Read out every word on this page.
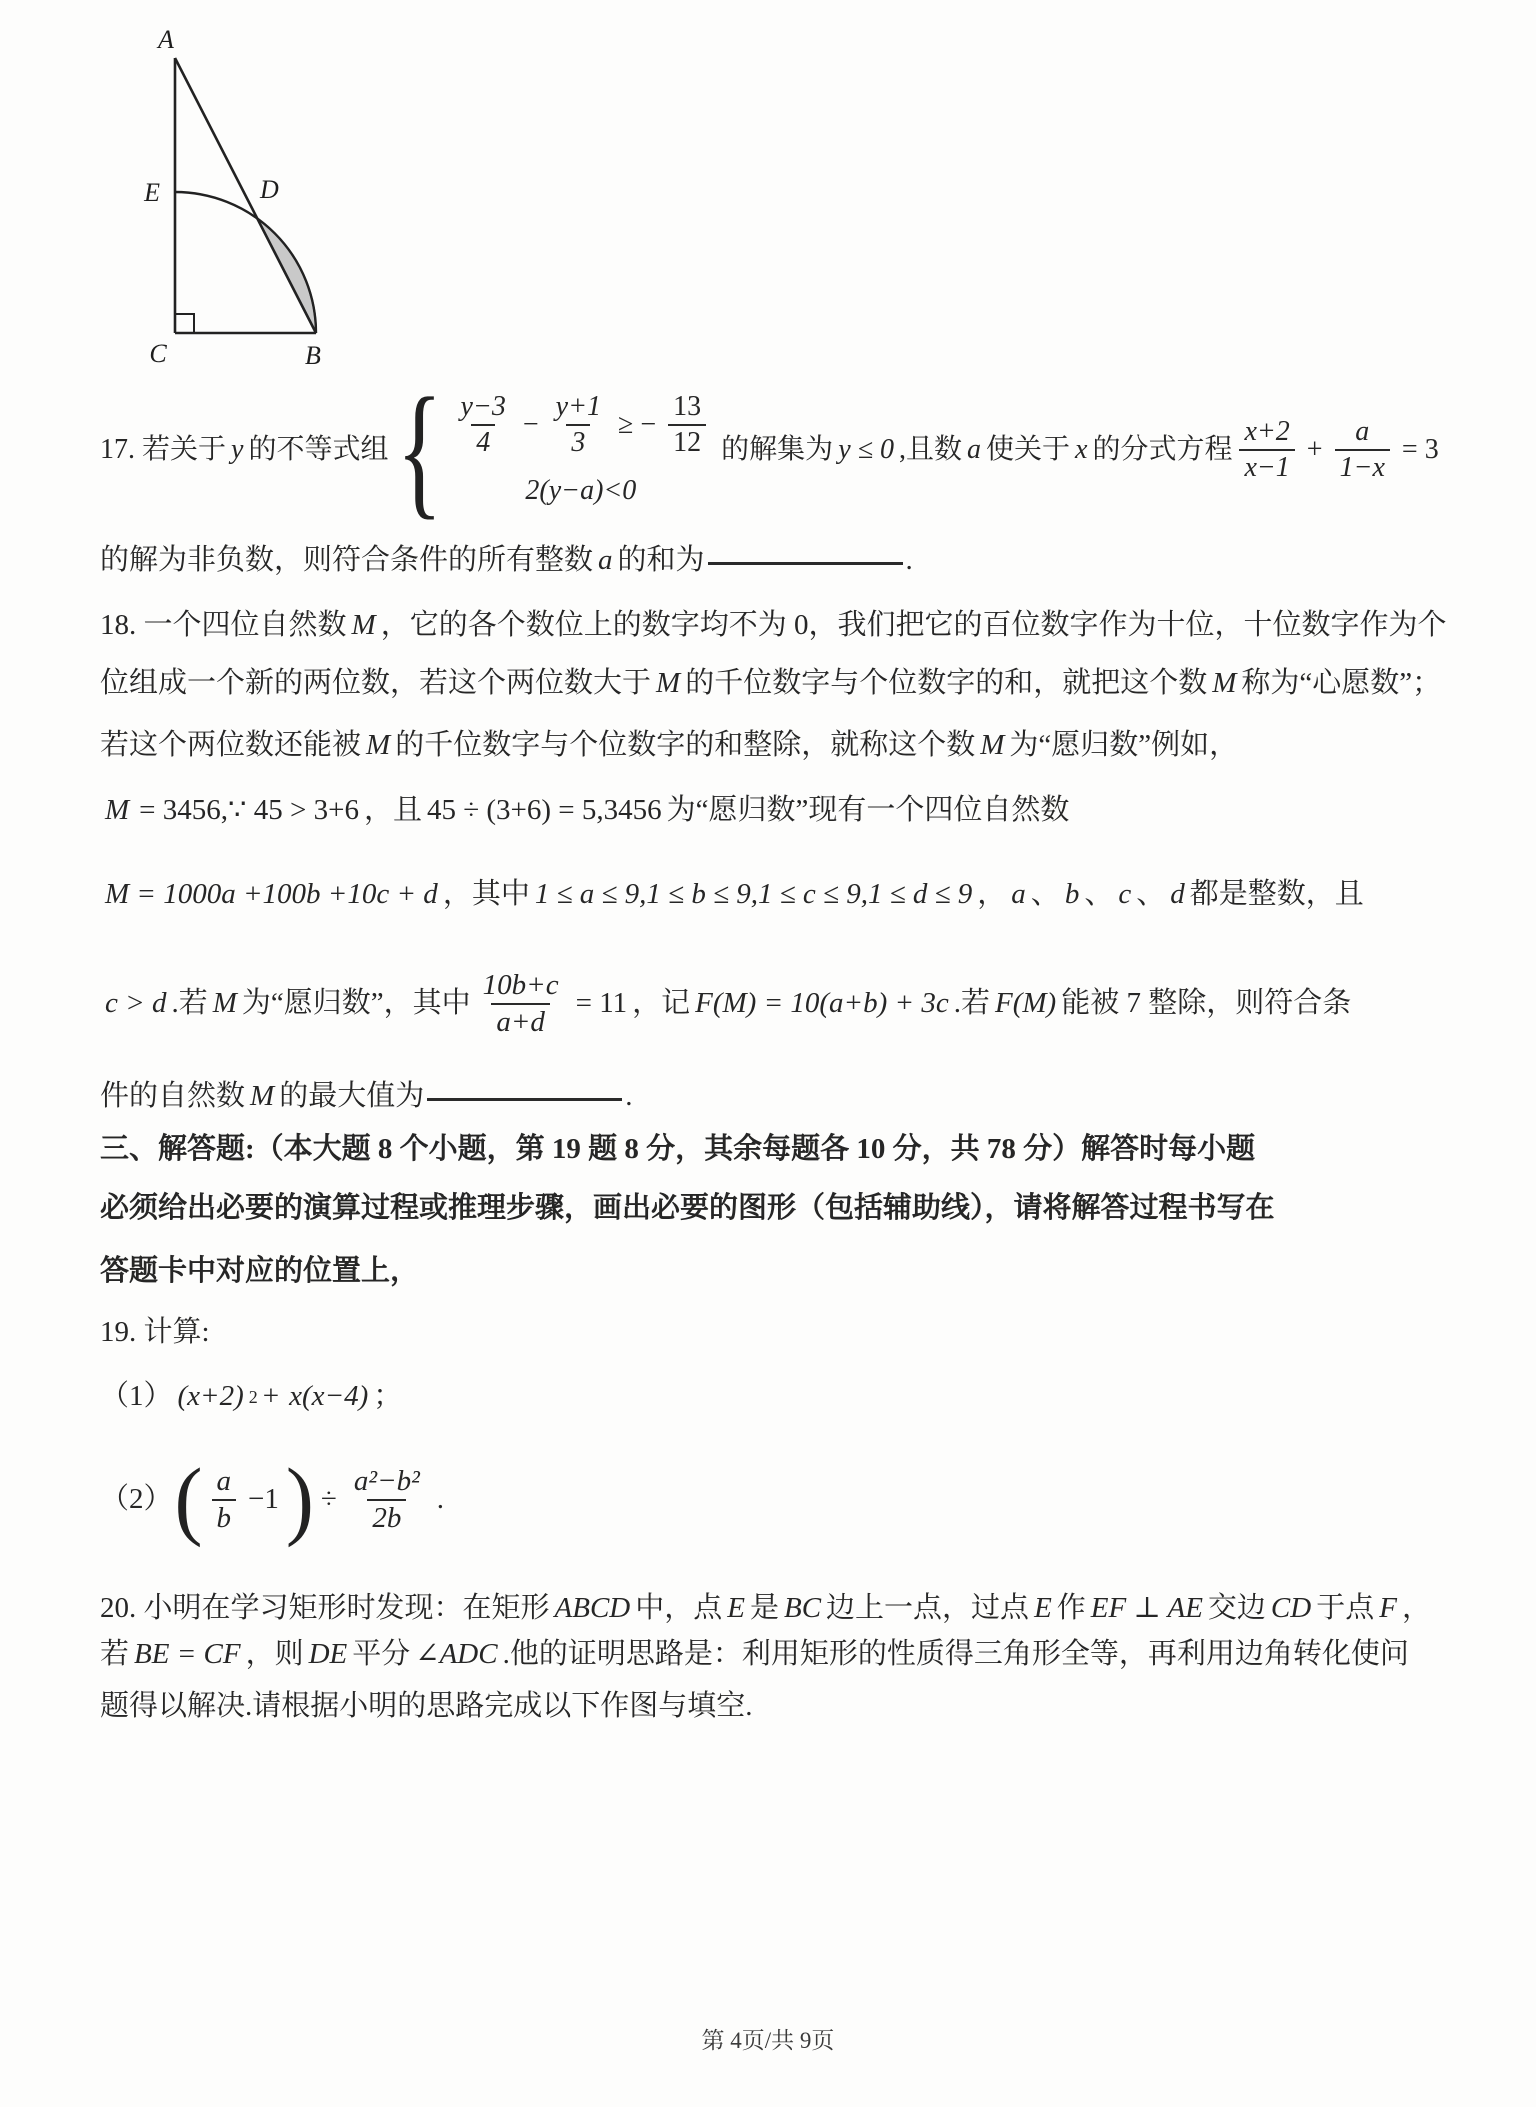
A
E	D
C	B
17. 若关于 y 的不等式组 { $\frac{y-3}{4} - \frac{y+1}{3}$ ≥ − $\frac{13}{12}$
2(y−a)<0
的解集为 y ≤ 0 ,且数 a 使关于 x 的分式方程 $\frac{x+2}{x-1} + \frac{a}{1-x} = 3$
的解为非负数，则符合条件的所有整数 a 的和为	.
18. 一个四位自然数 M ，它的各个数位上的数字均不为 0，我们把它的百位数字作为十位，十位数字作为个
位组成一个新的两位数，若这个两位数大于 M 的千位数字与个位数字的和，就把这个数 M 称为“心愿数”；
若这个两位数还能被 M 的千位数字与个位数字的和整除，就称这个数 M 为“愿归数”例如，
M = 3456,∵ 45 > 3+6 ，且 45 ÷ (3+6) = 5,3456 为“愿归数”现有一个四位自然数
M = 1000a +100b +10c + d ，其中 1 ≤ a ≤ 9,1 ≤ b ≤ 9,1 ≤ c ≤ 9,1 ≤ d ≤ 9 ， a 、 b 、 c 、 d 都是整数，且
c > d .若 M 为“愿归数”，其中 $\frac{10b+c}{a+d} = 11$ ，记 F(M) = 10(a+b) + 3c .若 F(M) 能被 7 整除，则符合条
件的自然数 M 的最大值为	.
三、解答题:（本大题 8 个小题，第 19 题 8 分，其余每题各 10 分，共 78 分）解答时每小题
必须给出必要的演算过程或推理步骤，画出必要的图形（包括辅助线），请将解答过程书写在
答题卡中对应的位置上，
19. 计算:
（1） (x+2) 2 + x(x−4) ；
（2） ( $\frac{a}{b} -1$ ) ÷ $\frac{\text{a²−b²}}{2b}$ .
20. 小明在学习矩形时发现：在矩形 ABCD 中，点 E 是 BC 边上一点，过点 E 作 EF ⊥ AE 交边 CD 于点 F ，
若 BE = CF ，则 DE 平分 ∠ADC .他的证明思路是：利用矩形的性质得三角形全等，再利用边角转化使问
题得以解决.请根据小明的思路完成以下作图与填空.
第 4页/共 9页
